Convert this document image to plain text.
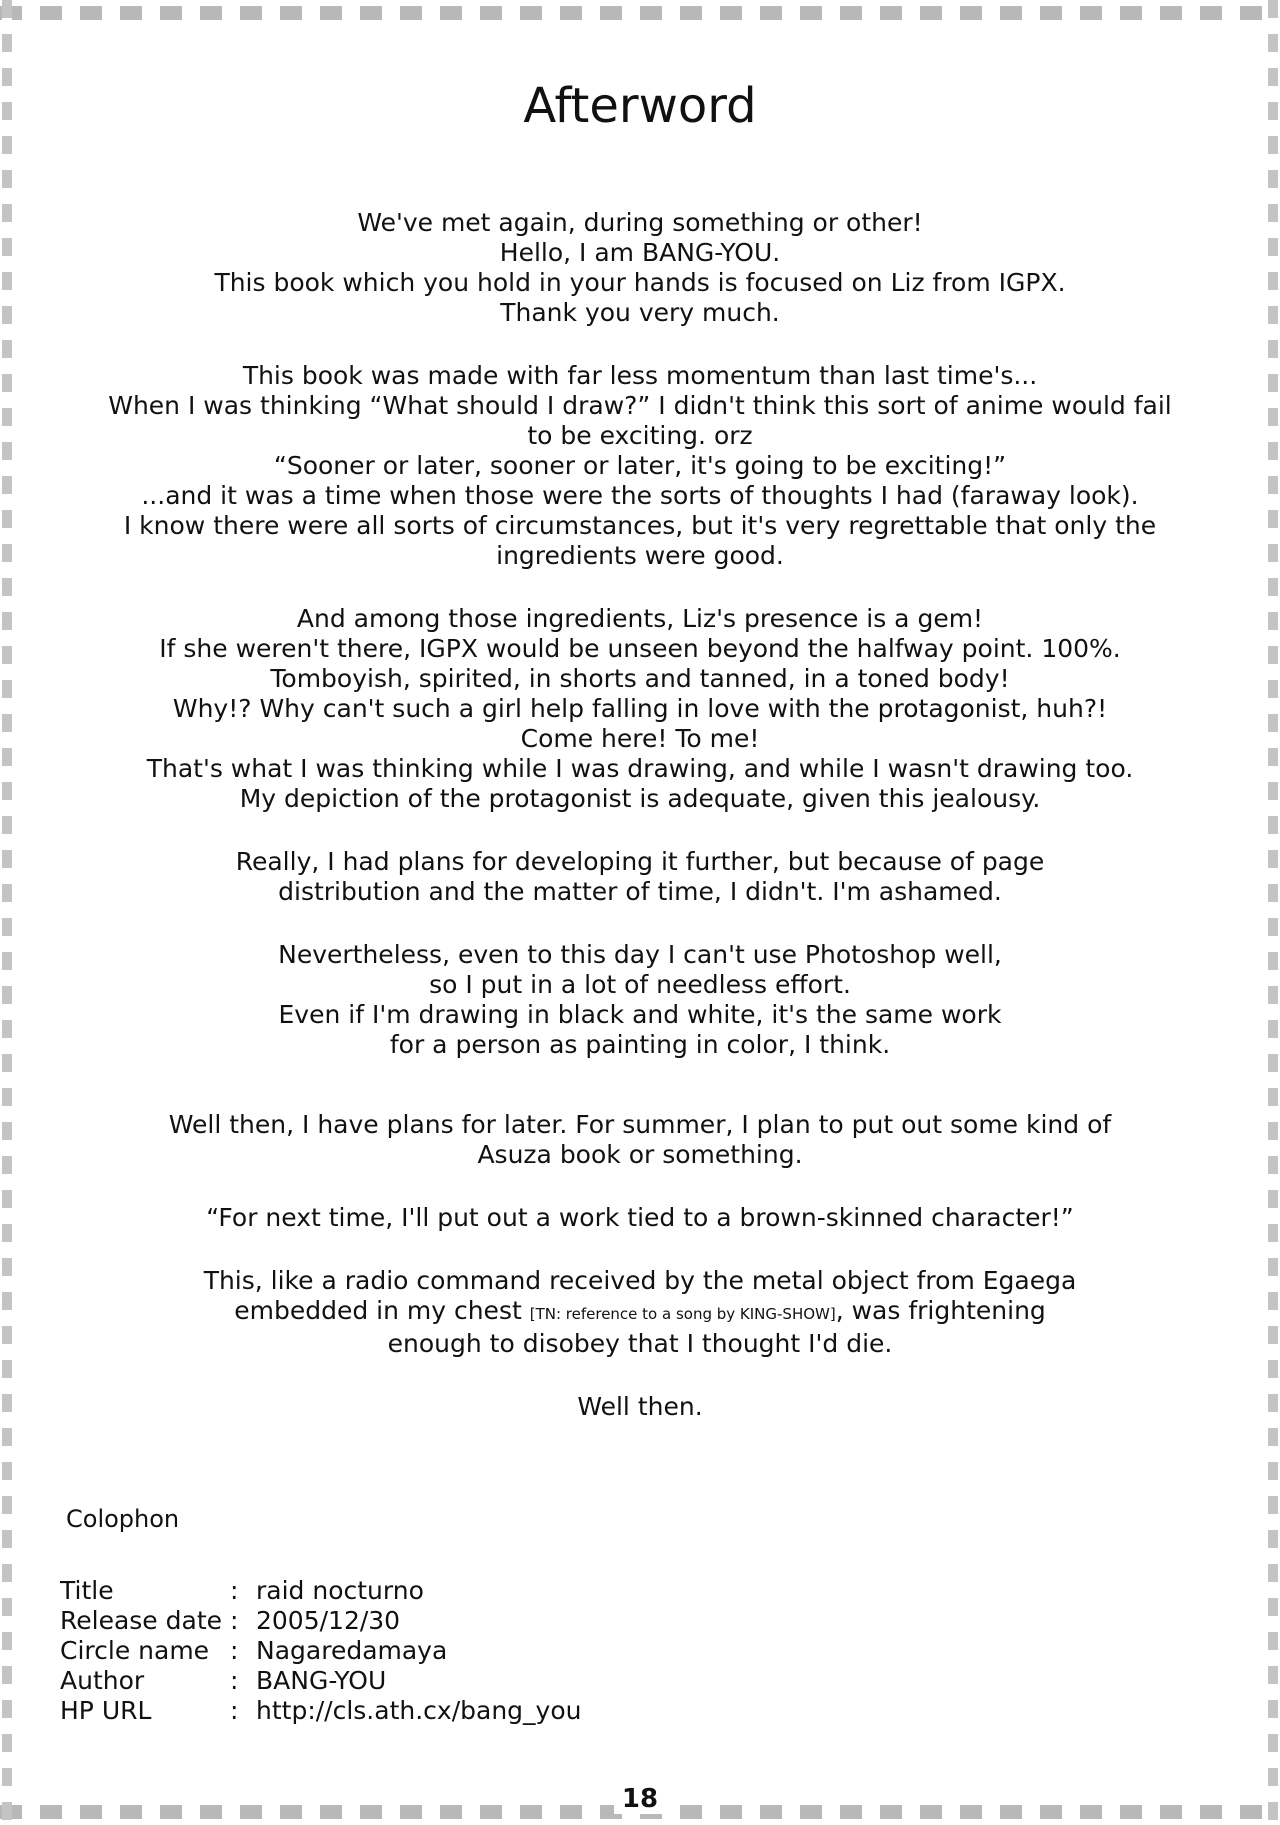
Afterword
We've met again, during something or other!
Hello, I am BANG-YOU.
This book which you hold in your hands is focused on Liz from IGPX.
Thank you very much.
This book was made with far less momentum than last time's...
When I was thinking “What should I draw?” I didn't think this sort of anime would fail
to be exciting. orz
“Sooner or later, sooner or later, it's going to be exciting!”
...and it was a time when those were the sorts of thoughts I had (faraway look).
I know there were all sorts of circumstances, but it's very regrettable that only the
ingredients were good.
And among those ingredients, Liz's presence is a gem!
If she weren't there, IGPX would be unseen beyond the halfway point. 100%.
Tomboyish, spirited, in shorts and tanned, in a toned body!
Why!? Why can't such a girl help falling in love with the protagonist, huh?!
Come here! To me!
That's what I was thinking while I was drawing, and while I wasn't drawing too.
My depiction of the protagonist is adequate, given this jealousy.
Really, I had plans for developing it further, but because of page
distribution and the matter of time, I didn't. I'm ashamed.
Nevertheless, even to this day I can't use Photoshop well,
so I put in a lot of needless effort.
Even if I'm drawing in black and white, it's the same work
for a person as painting in color, I think.
Well then, I have plans for later. For summer, I plan to put out some kind of
Asuza book or something.
“For next time, I'll put out a work tied to a brown-skinned character!”
This, like a radio command received by the metal object from Egaega
embedded in my chest [TN: reference to a song by KING-SHOW], was frightening
enough to disobey that I thought I'd die.
Well then.
Colophon
Title	: raid nocturno
Release date : 2005/12/30
Circle name : Nagaredamaya
Author	: BANG-YOU
HP URL	: http://cls.ath.cx/bang_you
18
